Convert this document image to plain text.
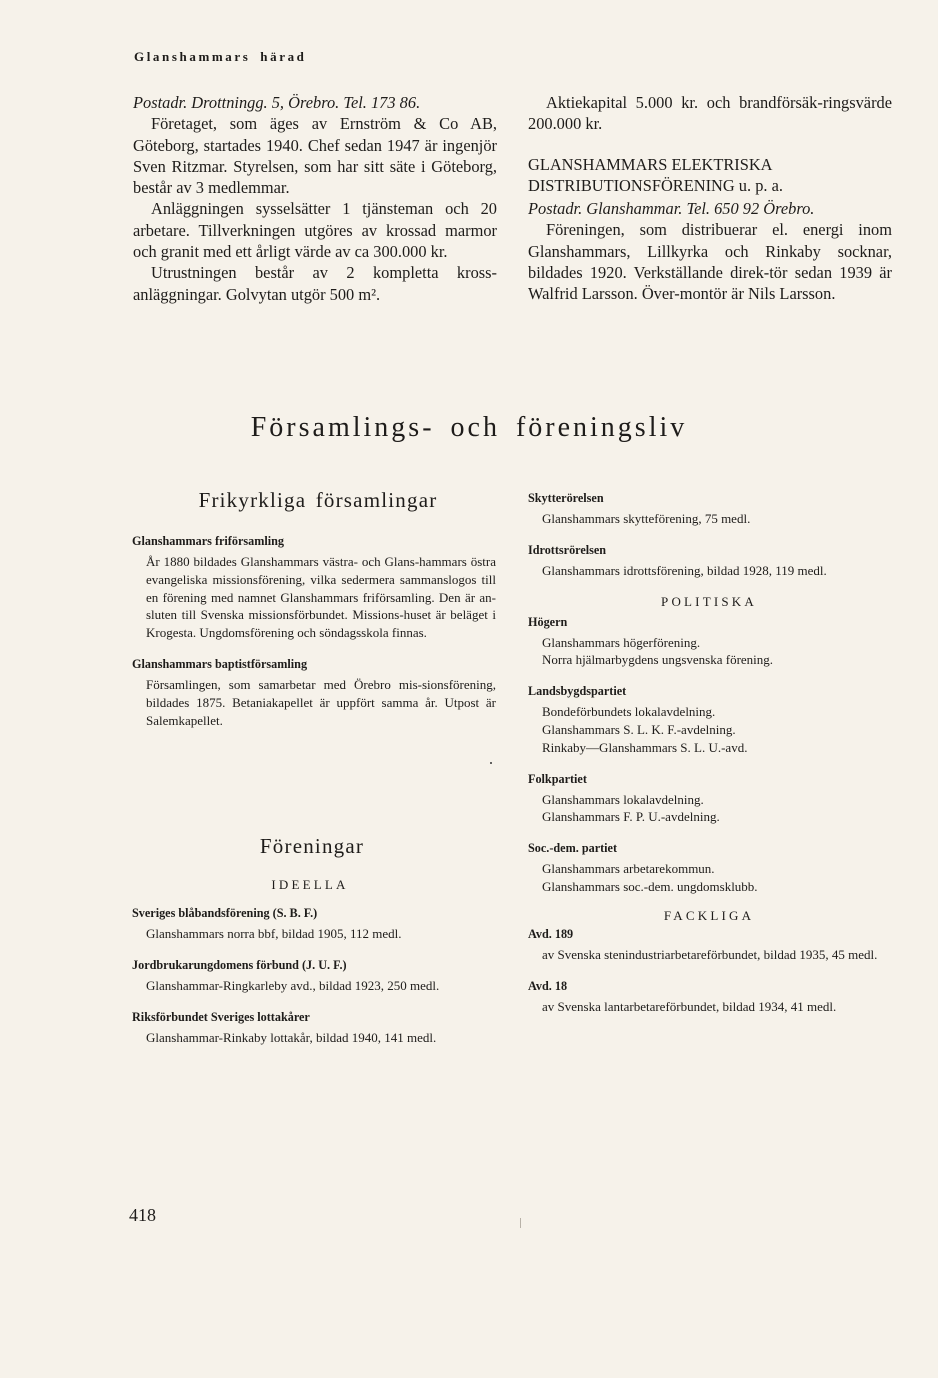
Glanshammars härad

Postadr. Drottningg. 5, Örebro. Tel. 173 86.

Företaget, som äges av Ernström & Co AB, Göteborg, startades 1940. Chef sedan 1947 är ingenjör Sven Ritzmar. Styrelsen, som har sitt säte i Göteborg, består av 3 medlemmar.

Anläggningen sysselsätter 1 tjänsteman och 20 arbetare. Tillverkningen utgöres av krossad marmor och granit med ett årligt värde av ca 300.000 kr.

Utrustningen består av 2 kompletta kross-anläggningar. Golvytan utgör 500 m².

Aktiekapital 5.000 kr. och brandförsäk-ringsvärde 200.000 kr.

GLANSHAMMARS ELEKTRISKA DISTRIBUTIONSFÖRENING u. p. a.

Postadr. Glanshammar. Tel. 650 92 Örebro.

Föreningen, som distribuerar el. energi inom Glanshammars, Lillkyrka och Rinkaby socknar, bildades 1920. Verkställande direk-tör sedan 1939 är Walfrid Larsson. Över-montör är Nils Larsson.

Församlings- och föreningsliv
Frikyrkliga församlingar

Glanshammars friförsamling

År 1880 bildades Glanshammars västra- och Glans-hammars östra evangeliska missionsförening, vilka sedermera sammanslogos till en förening med namnet Glanshammars friförsamling. Den är an-sluten till Svenska missionsförbundet. Missions-huset är beläget i Krogesta. Ungdomsförening och söndagsskola finnas.

Glanshammars baptistförsamling

Församlingen, som samarbetar med Örebro mis-sionsförening, bildades 1875. Betaniakapellet är uppfört samma år. Utpost är Salemkapellet.

Föreningar
IDEELLA

Sveriges blåbandsförening (S. B. F.)

Glanshammars norra bbf, bildad 1905, 112 medl.

Jordbrukarungdomens förbund (J. U. F.)

Glanshammar-Ringkarleby avd., bildad 1923, 250 medl.

Riksförbundet Sveriges lottakårer

Glanshammar-Rinkaby lottakår, bildad 1940, 141 medl.

Skytterörelsen

Glanshammars skytteförening, 75 medl.

Idrottsrörelsen

Glanshammars idrottsförening, bildad 1928, 119 medl.

POLITISKA

Högern

Glanshammars högerförening.

Norra hjälmarbygdens ungsvenska förening.

Landsbygdspartiet

Bondeförbundets lokalavdelning.

Glanshammars S. L. K. F.-avdelning.

Rinkaby—Glanshammars S. L. U.-avd.

Folkpartiet

Glanshammars lokalavdelning.

Glanshammars F. P. U.-avdelning.

Soc.-dem. partiet

Glanshammars arbetarekommun.

Glanshammars soc.-dem. ungdomsklubb.

FACKLIGA

Avd. 189

av Svenska stenindustriarbetareförbundet, bildad 1935, 45 medl.

Avd. 18

av Svenska lantarbetareförbundet, bildad 1934, 41 medl.

418
